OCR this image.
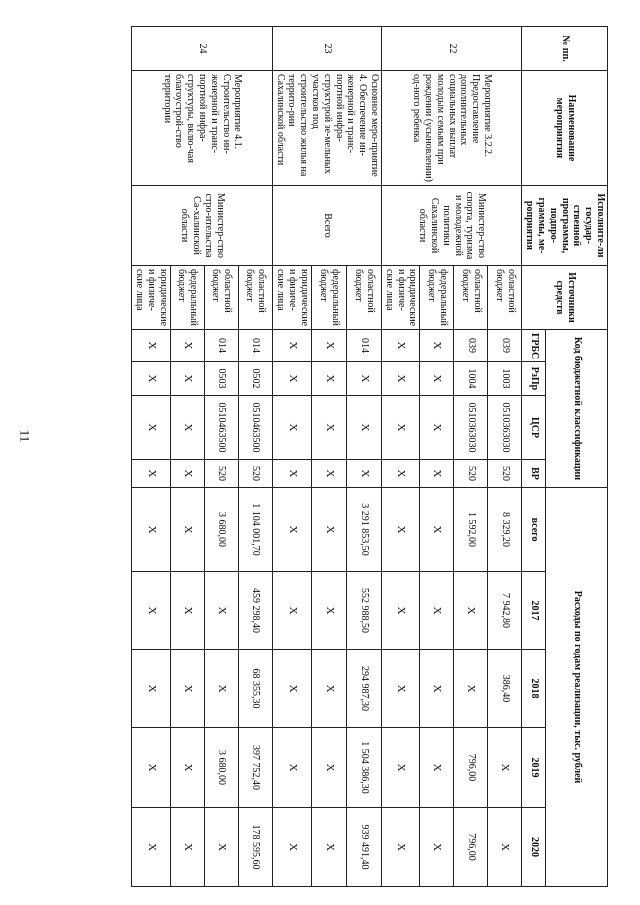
11
№ пп.	Наименование мероприятия	Исполните-ли государ-ственной программы, подпро-граммы, ме-роприятия	Источники средств	Код бюджетной классификации				Расходы по годам реализации, тыс. рублей				

				ГРБС	РзПр	ЦСР	ВР	всего	2017	2018	2019	2020
22	Мероприятие 3.2.2. Предоставление дополнительных социальных выплат молодым семьям при рождении (усыновлении) од-ного ребенка	Министер-ство спорта, туризма и молодежной политики Сахалинской области	областной бюджет	039	1003	0510363030	520	8 329,20	7 942,80	386,40	Х	Х
			областной бюджет	039	1004	0510363030	520	1 592,00	Х	Х	796,00	796,00
			федеральный бюджет	Х	Х	Х	Х	Х	Х	Х	Х	Х
			юридические и физиче-ские лица	Х	Х	Х	Х	Х	Х	Х	Х	Х
23	Основное меро-приятие 4. Обеспечение ин-женерной и транс-портной инфра-структурой зе-мельных участков под строительство жилья на террито-рии Сахалинской области	Всего	областной бюджет	014	Х	Х	Х	3 291 853,50	552 988,50	294 987,30	1 504 386,30	939 491,40
			федеральный бюджет	Х	Х	Х	Х	Х	Х	Х	Х	Х
			юридические и физиче-ские лица	Х	Х	Х	Х	Х	Х	Х	Х	Х
24	Мероприятие 4.1. Строительство ин-женерной и транс-портной инфра-структуры, вклю-чая благоустрой-ство территории	Министер-ство стро-ительства Са-халинской области	областной бюджет	014	0502	0510463500	520	1 104 001,70	459 298,40	68 355,30	397 752,40	178 595,60
			областной бюджет	014	0503	0510463500	520	3 680,00	Х	Х	3 680,00	Х
			федеральный бюджет	Х	Х	Х	Х	Х	Х	Х	Х	Х
			юридические и физиче-ские лица	Х	Х	Х	Х	Х	Х	Х	Х	Х
